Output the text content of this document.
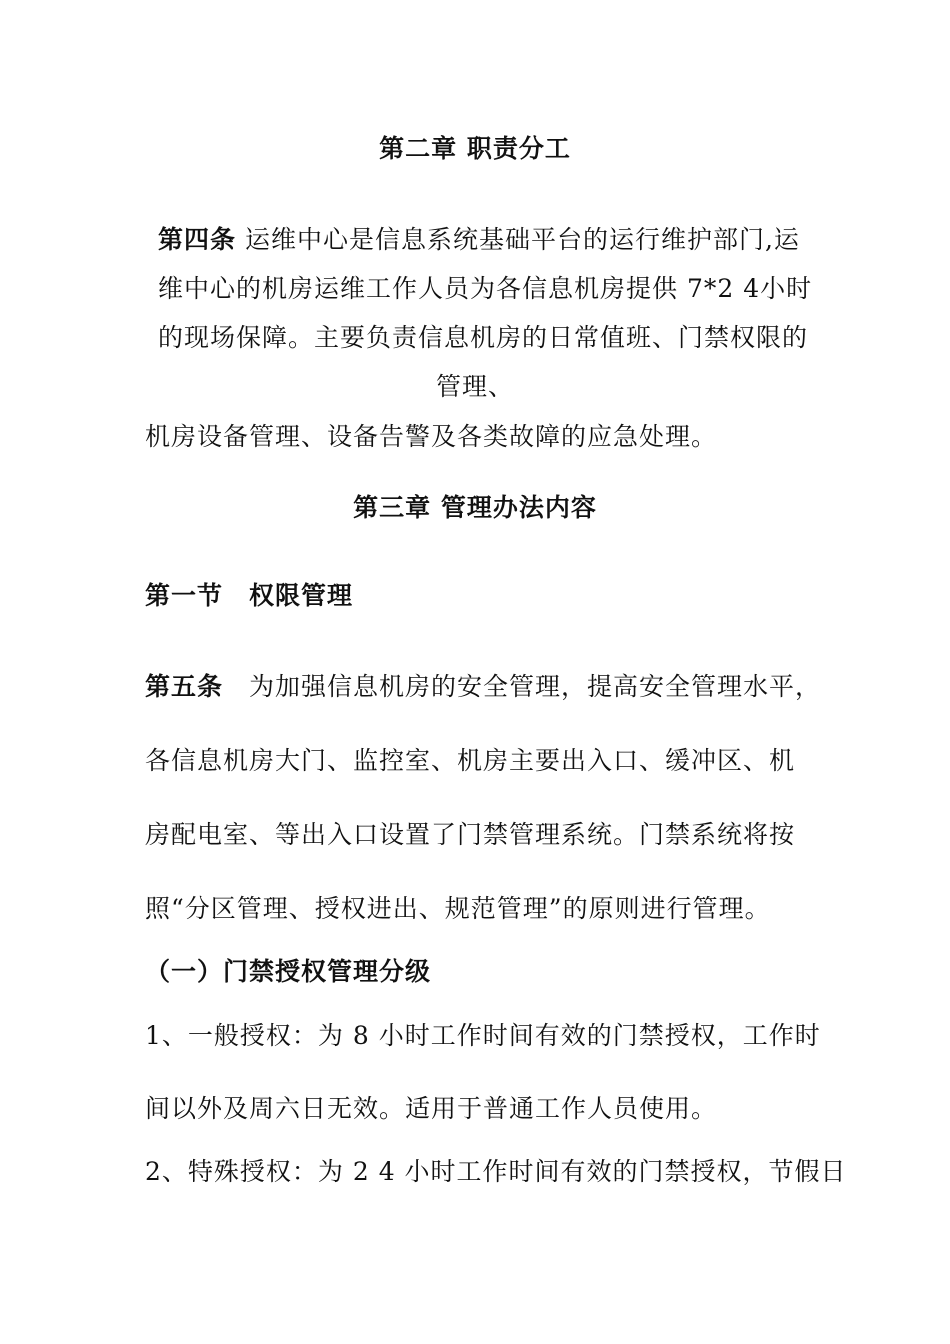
第二章 职责分工
第四条 运维中心是信息系统基础平台的运行维护部门,运
维中心的机房运维工作人员为各信息机房提供 7*2 4小时
的现场保障。主要负责信息机房的日常值班、门禁权限的
管理、
机房设备管理、设备告警及各类故障的应急处理。
第三章 管理办法内容
第一节　权限管理
第五条　为加强信息机房的安全管理，提高安全管理水平，
各信息机房大门、监控室、机房主要出入口、缓冲区、机
房配电室、等出入口设置了门禁管理系统。门禁系统将按
照“分区管理、授权进出、规范管理”的原则进行管理。
（一）门禁授权管理分级
1、一般授权：为 8 小时工作时间有效的门禁授权，工作时
间以外及周六日无效。适用于普通工作人员使用。
2、特殊授权：为 2 4 小时工作时间有效的门禁授权，节假日
